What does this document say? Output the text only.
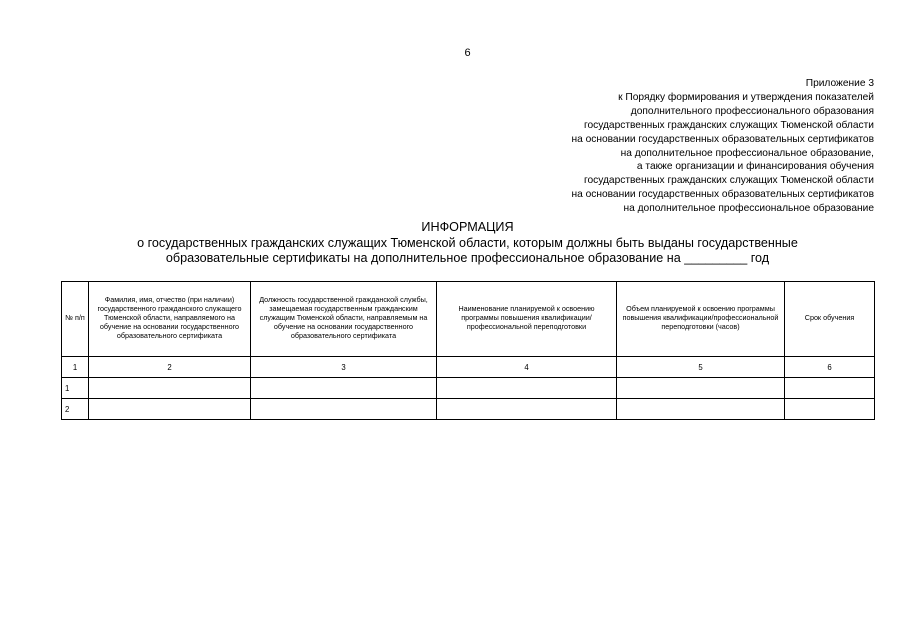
6
Приложение 3
к Порядку формирования и утверждения показателей
дополнительного профессионального образования
государственных гражданских служащих Тюменской области
на основании государственных образовательных сертификатов
на дополнительное профессиональное образование,
а также организации и финансирования обучения
государственных гражданских служащих Тюменской области
на основании государственных образовательных сертификатов
на дополнительное профессиональное образование
ИНФОРМАЦИЯ
о государственных гражданских служащих Тюменской области, которым должны быть выданы государственные
образовательные сертификаты на дополнительное профессиональное образование на _________ год
№ п/п	Фамилия, имя, отчество (при наличии) государственного гражданского служащего Тюменской области, направляемого на обучение на основании государственного образовательного сертификата	Должность государственной гражданской службы, замещаемая государственным гражданским служащим Тюменской области, направляемым на обучение на основании государственного образовательного сертификата	Наименование планируемой к освоению программы повышения квалификации/профессиональной переподготовки	Объем планируемой к освоению программы повышения квалификации/профессиональной переподготовки (часов)	Срок обучения
1	2	3	4	5	6
1					
2					
